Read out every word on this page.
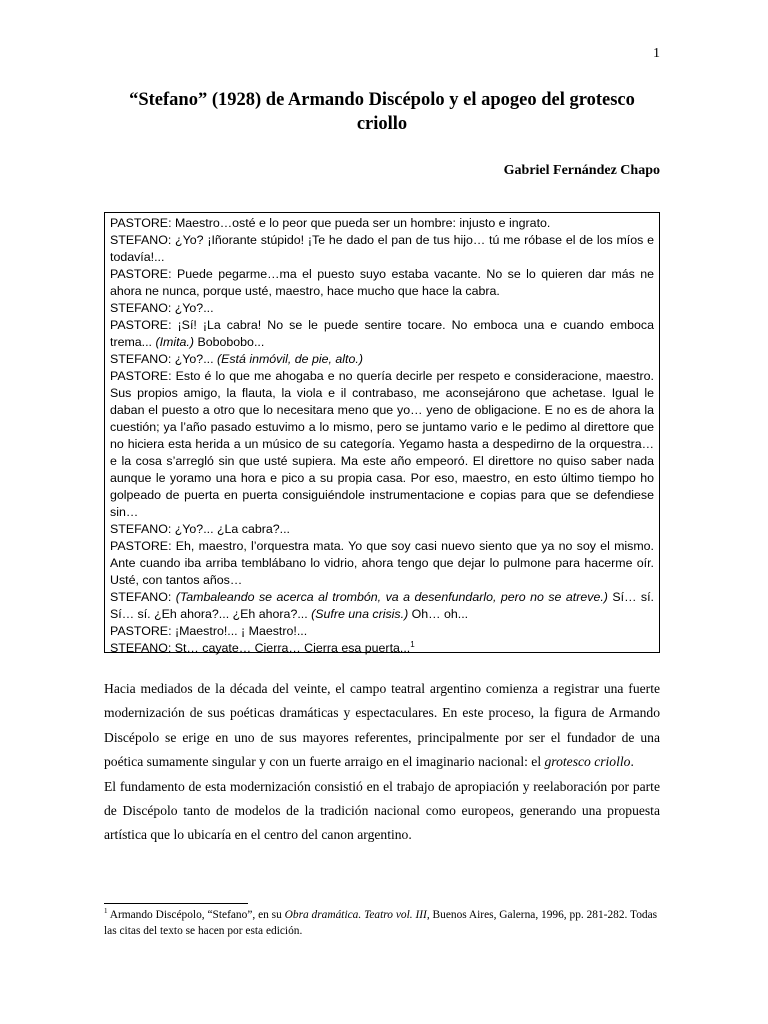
1
“Stefano” (1928) de Armando Discépolo y el apogeo del grotesco criollo
Gabriel Fernández Chapo

PASTORE: Maestro…osté e lo peor que pueda ser un hombre: injusto e ingrato.

STEFANO: ¿Yo? ¡Iñorante stúpido! ¡Te he dado el pan de tus hijo… tú me róbase el de los míos e todavía!...

PASTORE: Puede pegarme…ma el puesto suyo estaba vacante. No se lo quieren dar más ne ahora ne nunca, porque usté, maestro, hace mucho que hace la cabra.

STEFANO: ¿Yo?...

PASTORE: ¡Sí! ¡La cabra! No se le puede sentire tocare. No emboca una e cuando emboca trema... (Imita.) Bobobobo...

STEFANO: ¿Yo?... (Está inmóvil, de pie, alto.)

PASTORE: Esto é lo que me ahogaba e no quería decirle per respeto e consideracione, maestro. Sus propios amigo, la flauta, la viola e il contrabaso, me aconsejárono que achetase. Igual le daban el puesto a otro que lo necesitara meno que yo… yeno de obligacione. E no es de ahora la cuestión; ya l’año pasado estuvimo a lo mismo, pero se juntamo vario e le pedimo al direttore que no hiciera esta herida a un músico de su categoría. Yegamo hasta a despedirno de la orquestra… e la cosa s’arregló sin que usté supiera. Ma este año empeoró. El direttore no quiso saber nada aunque le yoramo una hora e pico a su propia casa. Por eso, maestro, en esto último tiempo ho golpeado de puerta en puerta consiguiéndole instrumentacione e copias para que se defendiese sin…

STEFANO: ¿Yo?... ¿La cabra?...

PASTORE: Eh, maestro, l’orquestra mata. Yo que soy casi nuevo siento que ya no soy el mismo. Ante cuando iba arriba temblábano lo vidrio, ahora tengo que dejar lo pulmone para hacerme oír. Usté, con tantos años…

STEFANO: (Tambaleando se acerca al trombón, va a desenfundarlo, pero no se atreve.) Sí… sí. Sí… sí. ¿Eh ahora?... ¿Eh ahora?... (Sufre una crisis.) Oh… oh...

PASTORE: ¡Maestro!... ¡ Maestro!...

STEFANO: St… cayate… Cierra… Cierra esa puerta...$^1$

Hacia mediados de la década del veinte, el campo teatral argentino comienza a registrar una fuerte modernización de sus poéticas dramáticas y espectaculares. En este proceso, la figura de Armando Discépolo se erige en uno de sus mayores referentes, principalmente por ser el fundador de una poética sumamente singular y con un fuerte arraigo en el imaginario nacional: el grotesco criollo.

El fundamento de esta modernización consistió en el trabajo de apropiación y reelaboración por parte de Discépolo tanto de modelos de la tradición nacional como europeos, generando una propuesta artística que lo ubicaría en el centro del canon argentino.

$^1$ Armando Discépolo, “Stefano”, en su Obra dramática. Teatro vol. III, Buenos Aires, Galerna, 1996, pp. 281-282. Todas las citas del texto se hacen por esta edición.
